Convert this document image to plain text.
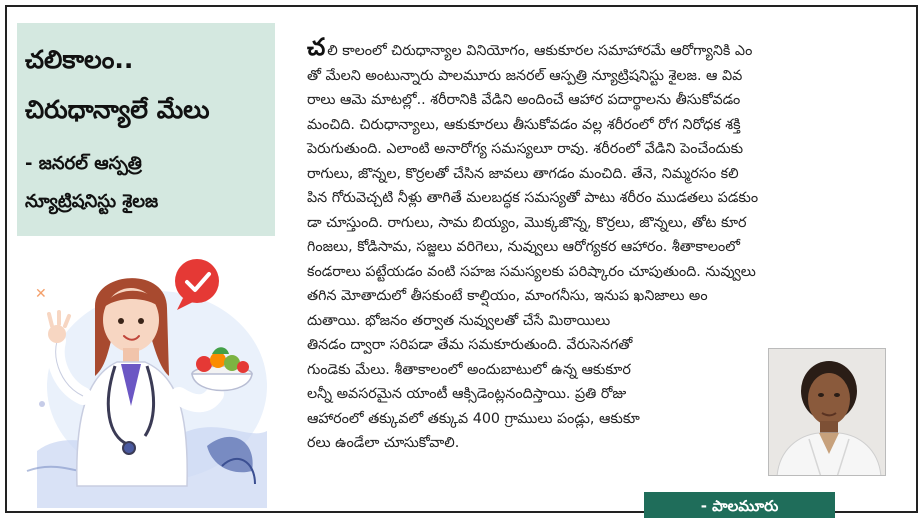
చలికాలం..
చిరుధాన్యాలే మేలు
- జనరల్ ఆస్పత్రి
న్యూట్రిషనిస్టు శైలజ
✕
చలి కాలంలో చిరుధాన్యాల వినియోగం, ఆకుకూరల సమాహారమే ఆరోగ్యానికి ఎం
తో మేలని అంటున్నారు పాలమూరు జనరల్ ఆస్పత్రి న్యూట్రిషనిస్టు శైలజ. ఆ వివ
రాలు ఆమె మాటల్లో.. శరీరానికి వేడిని అందించే ఆహార పదార్థాలను తీసుకోవడం
మంచిది. చిరుధాన్యాలు, ఆకుకూరలు తీసుకోవడం వల్ల శరీరంలో రోగ నిరోధక శక్తి
పెరుగుతుంది. ఎలాంటి అనారోగ్య సమస్యలూ రావు. శరీరంలో వేడిని పెంచేందుకు
రాగులు, జొన్నల, కొర్రలతో చేసిన జావలు తాగడం మంచిది. తేనె, నిమ్మరసం కలి
పిన గోరువెచ్చటి నీళ్లు తాగితే మలబద్ధక సమస్యతో పాటు శరీరం ముడతలు పడకుం
డా చూస్తుంది. రాగులు, సామ బియ్యం, మొక్కజొన్న, కొర్రలు, జొన్నలు, తోట కూర
గింజలు, కోడిసామ, సజ్జలు వరిగెలు, నువ్వులు ఆరోగ్యకర ఆహారం. శీతాకాలంలో
కండరాలు పట్టేయడం వంటి సహజ సమస్యలకు పరిష్కారం చూపుతుంది. నువ్వులు
తగిన మోతాదులో తీసకుంటే కాల్షియం, మాంగనీసు, ఇనుప ఖనిజాలు అం
దుతాయి. భోజనం తర్వాత నువ్వులతో చేసే మిఠాయిలు
తినడం ద్వారా సరిపడా తేమ సమకూరుతుంది. వేరుసెనగతో
గుండెకు మేలు. శీతాకాలంలో అందుబాటులో ఉన్న ఆకుకూర
లన్నీ అవసరమైన యాంటీ ఆక్సిడెంట్లనందిస్తాయి. ప్రతి రోజు
ఆహారంలో తక్కువలో తక్కువ 400 గ్రాములు పండ్లు, ఆకుకూ
రలు ఉండేలా చూసుకోవాలి.
- పాలమూరు
